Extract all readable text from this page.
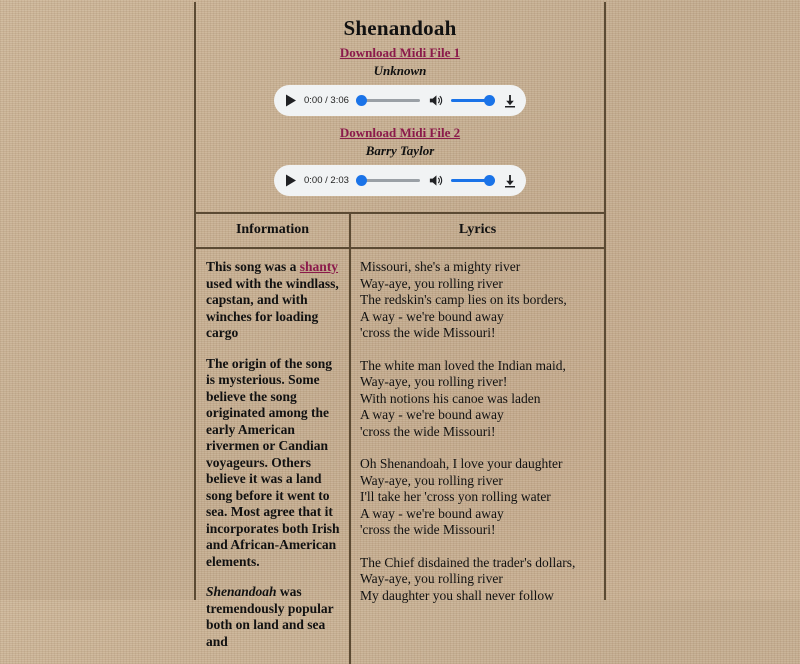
Shenandoah
Download Midi File 1
Unknown
0:00 / 3:06
Download Midi File 2
Barry Taylor
0:00 / 2:03
Information

This song was a shanty used with the windlass, capstan, and with winches for loading cargo

The origin of the song is mysterious. Some believe the song originated among the early American rivermen or Candian voyageurs. Others believe it was a land song before it went to sea. Most agree that it incorporates both Irish and African-American elements.

Shenandoah was tremendously popular both on land and sea and

Lyrics
Missouri, she's a mighty river
Way-aye, you rolling river
The redskin's camp lies on its borders,
A way - we're bound away
'cross the wide Missouri!
The white man loved the Indian maid,
Way-aye, you rolling river!
With notions his canoe was laden
A way - we're bound away
'cross the wide Missouri!
Oh Shenandoah, I love your daughter
Way-aye, you rolling river
I'll take her 'cross yon rolling water
A way - we're bound away
'cross the wide Missouri!
The Chief disdained the trader's dollars,
Way-aye, you rolling river
My daughter you shall never follow
